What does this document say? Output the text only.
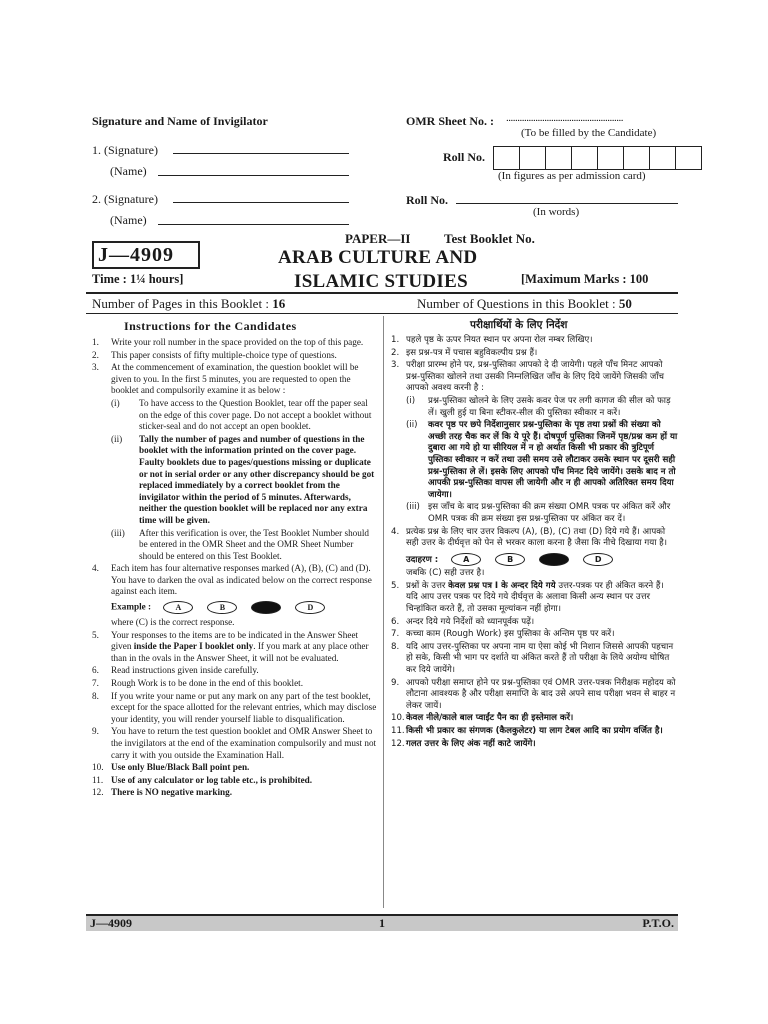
Signature and Name of Invigilator
1. (Signature)
(Name)
2. (Signature)
(Name)
OMR Sheet No. : ....................................................
(To be filled by the Candidate)
Roll No.
(In figures as per admission card)
Roll No.
(In words)
J—4909
PAPER—II	Test Booklet No.
ARAB CULTURE AND
ISLAMIC STUDIES
Time : 1¼ hours]	[Maximum Marks : 100
Number of Pages in this Booklet : 16	Number of Questions in this Booklet : 50
Instructions for the Candidates
1. Write your roll number in the space provided on the top of this page.
2. This paper consists of fifty multiple-choice type of questions.
3. At the commencement of examination, the question booklet will be given to you. In the first 5 minutes, you are requested to open the booklet and compulsorily examine it as below :
(i) To have access to the Question Booklet, tear off the paper seal on the edge of this cover page. Do not accept a booklet without sticker-seal and do not accept an open booklet.
(ii) Tally the number of pages and number of questions in the booklet with the information printed on the cover page. Faulty booklets due to pages/questions missing or duplicate or not in serial order or any other discrepancy should be got replaced immediately by a correct booklet from the invigilator within the period of 5 minutes. Afterwards, neither the question booklet will be replaced nor any extra time will be given.
(iii) After this verification is over, the Test Booklet Number should be entered in the OMR Sheet and the OMR Sheet Number should be entered on this Test Booklet.
4. Each item has four alternative responses marked (A), (B), (C) and (D). You have to darken the oval as indicated below on the correct response against each item.
Example :	A	B	D
where (C) is the correct response.
5. Your responses to the items are to be indicated in the Answer Sheet given inside the Paper I booklet only. If you mark at any place other than in the ovals in the Answer Sheet, it will not be evaluated.
6. Read instructions given inside carefully.
7. Rough Work is to be done in the end of this booklet.
8. If you write your name or put any mark on any part of the test booklet, except for the space allotted for the relevant entries, which may disclose your identity, you will render yourself liable to disqualification.
9. You have to return the test question booklet and OMR Answer Sheet to the invigilators at the end of the examination compulsorily and must not carry it with you outside the Examination Hall.
10. Use only Blue/Black Ball point pen.
11. Use of any calculator or log table etc., is prohibited.
12. There is NO negative marking.
परीक्षार्थियों के लिए निर्देश
1. पहले पृष्ठ के ऊपर नियत स्थान पर अपना रोल नम्बर लिखिए।
2. इस प्रश्न-पत्र में पचास बहुविकल्पीय प्रश्न हैं।
3. परीक्षा प्रारम्भ होने पर, प्रश्न-पुस्तिका आपको दे दी जायेगी। पहले पाँच मिनट आपको प्रश्न-पुस्तिका खोलने तथा उसकी निम्नलिखित जाँच के लिए दिये जायेंगे जिसकी जाँच आपको अवश्य करनी है :
(i) प्रश्न-पुस्तिका खोलने के लिए उसके कवर पेज पर लगी कागज की सील को फाड़ लें। खुली हुई या बिना स्टीकर-सील की पुस्तिका स्वीकार न करें।
(ii) कवर पृष्ठ पर छपे निर्देशानुसार प्रश्न-पुस्तिका के पृष्ठ तथा प्रश्नों की संख्या को अच्छी तरह चैक कर लें कि ये पूरे हैं। दोषपूर्ण पुस्तिका जिनमें पृष्ठ/प्रश्न कम हों या दुबारा आ गये हो या सीरियल में न हो अर्थात किसी भी प्रकार की त्रुटिपूर्ण पुस्तिका स्वीकार न करें तथा उसी समय उसे लौटाकर उसके स्थान पर दूसरी सही प्रश्न-पुस्तिका ले लें। इसके लिए आपको पाँच मिनट दिये जायेंगे। उसके बाद न तो आपकी प्रश्न-पुस्तिका वापस ली जायेगी और न ही आपको अतिरिक्त समय दिया जायेगा।
(iii) इस जाँच के बाद प्रश्न-पुस्तिका की क्रम संख्या OMR पत्रक पर अंकित करें और OMR पत्रक की क्रम संख्या इस प्रश्न-पुस्तिका पर अंकित कर दें।
4. प्रत्येक प्रश्न के लिए चार उत्तर विकल्प (A), (B), (C) तथा (D) दिये गये हैं। आपको सही उत्तर के दीर्घवृत्त को पेन से भरकर काला करना है जैसा कि नीचे दिखाया गया है।
उदाहरण :	A	B	D
जबकि (C) सही उत्तर है।
5. प्रश्नों के उत्तर केवल प्रश्न पत्र I के अन्दर दिये गये उत्तर-पत्रक पर ही अंकित करने हैं। यदि आप उत्तर पत्रक पर दिये गये दीर्घवृत्त के अलावा किसी अन्य स्थान पर उत्तर चिन्हांकित करते हैं, तो उसका मूल्यांकन नहीं होगा।
6. अन्दर दिये गये निर्देशों को ध्यानपूर्वक पढ़ें।
7. कच्चा काम (Rough Work) इस पुस्तिका के अन्तिम पृष्ठ पर करें।
8. यदि आप उत्तर-पुस्तिका पर अपना नाम या ऐसा कोई भी निशान जिससे आपकी पहचान हो सके, किसी भी भाग पर दर्शाते या अंकित करते हैं तो परीक्षा के लिये अयोग्य घोषित कर दिये जायेंगे।
9. आपको परीक्षा समाप्त होने पर प्रश्न-पुस्तिका एवं OMR उत्तर-पत्रक निरीक्षक महोदय को लौटाना आवश्यक है और परीक्षा समाप्ति के बाद उसे अपने साथ परीक्षा भवन से बाहर न लेकर जायें।
10. केवल नीले/काले बाल प्वाईंट पैन का ही इस्तेमाल करें।
11. किसी भी प्रकार का संगणक (कैलकुलेटर) या लाग टेबल आदि का प्रयोग वर्जित है।
12. गलत उत्तर के लिए अंक नहीं काटे जायेंगे।
J—4909	1	P.T.O.
